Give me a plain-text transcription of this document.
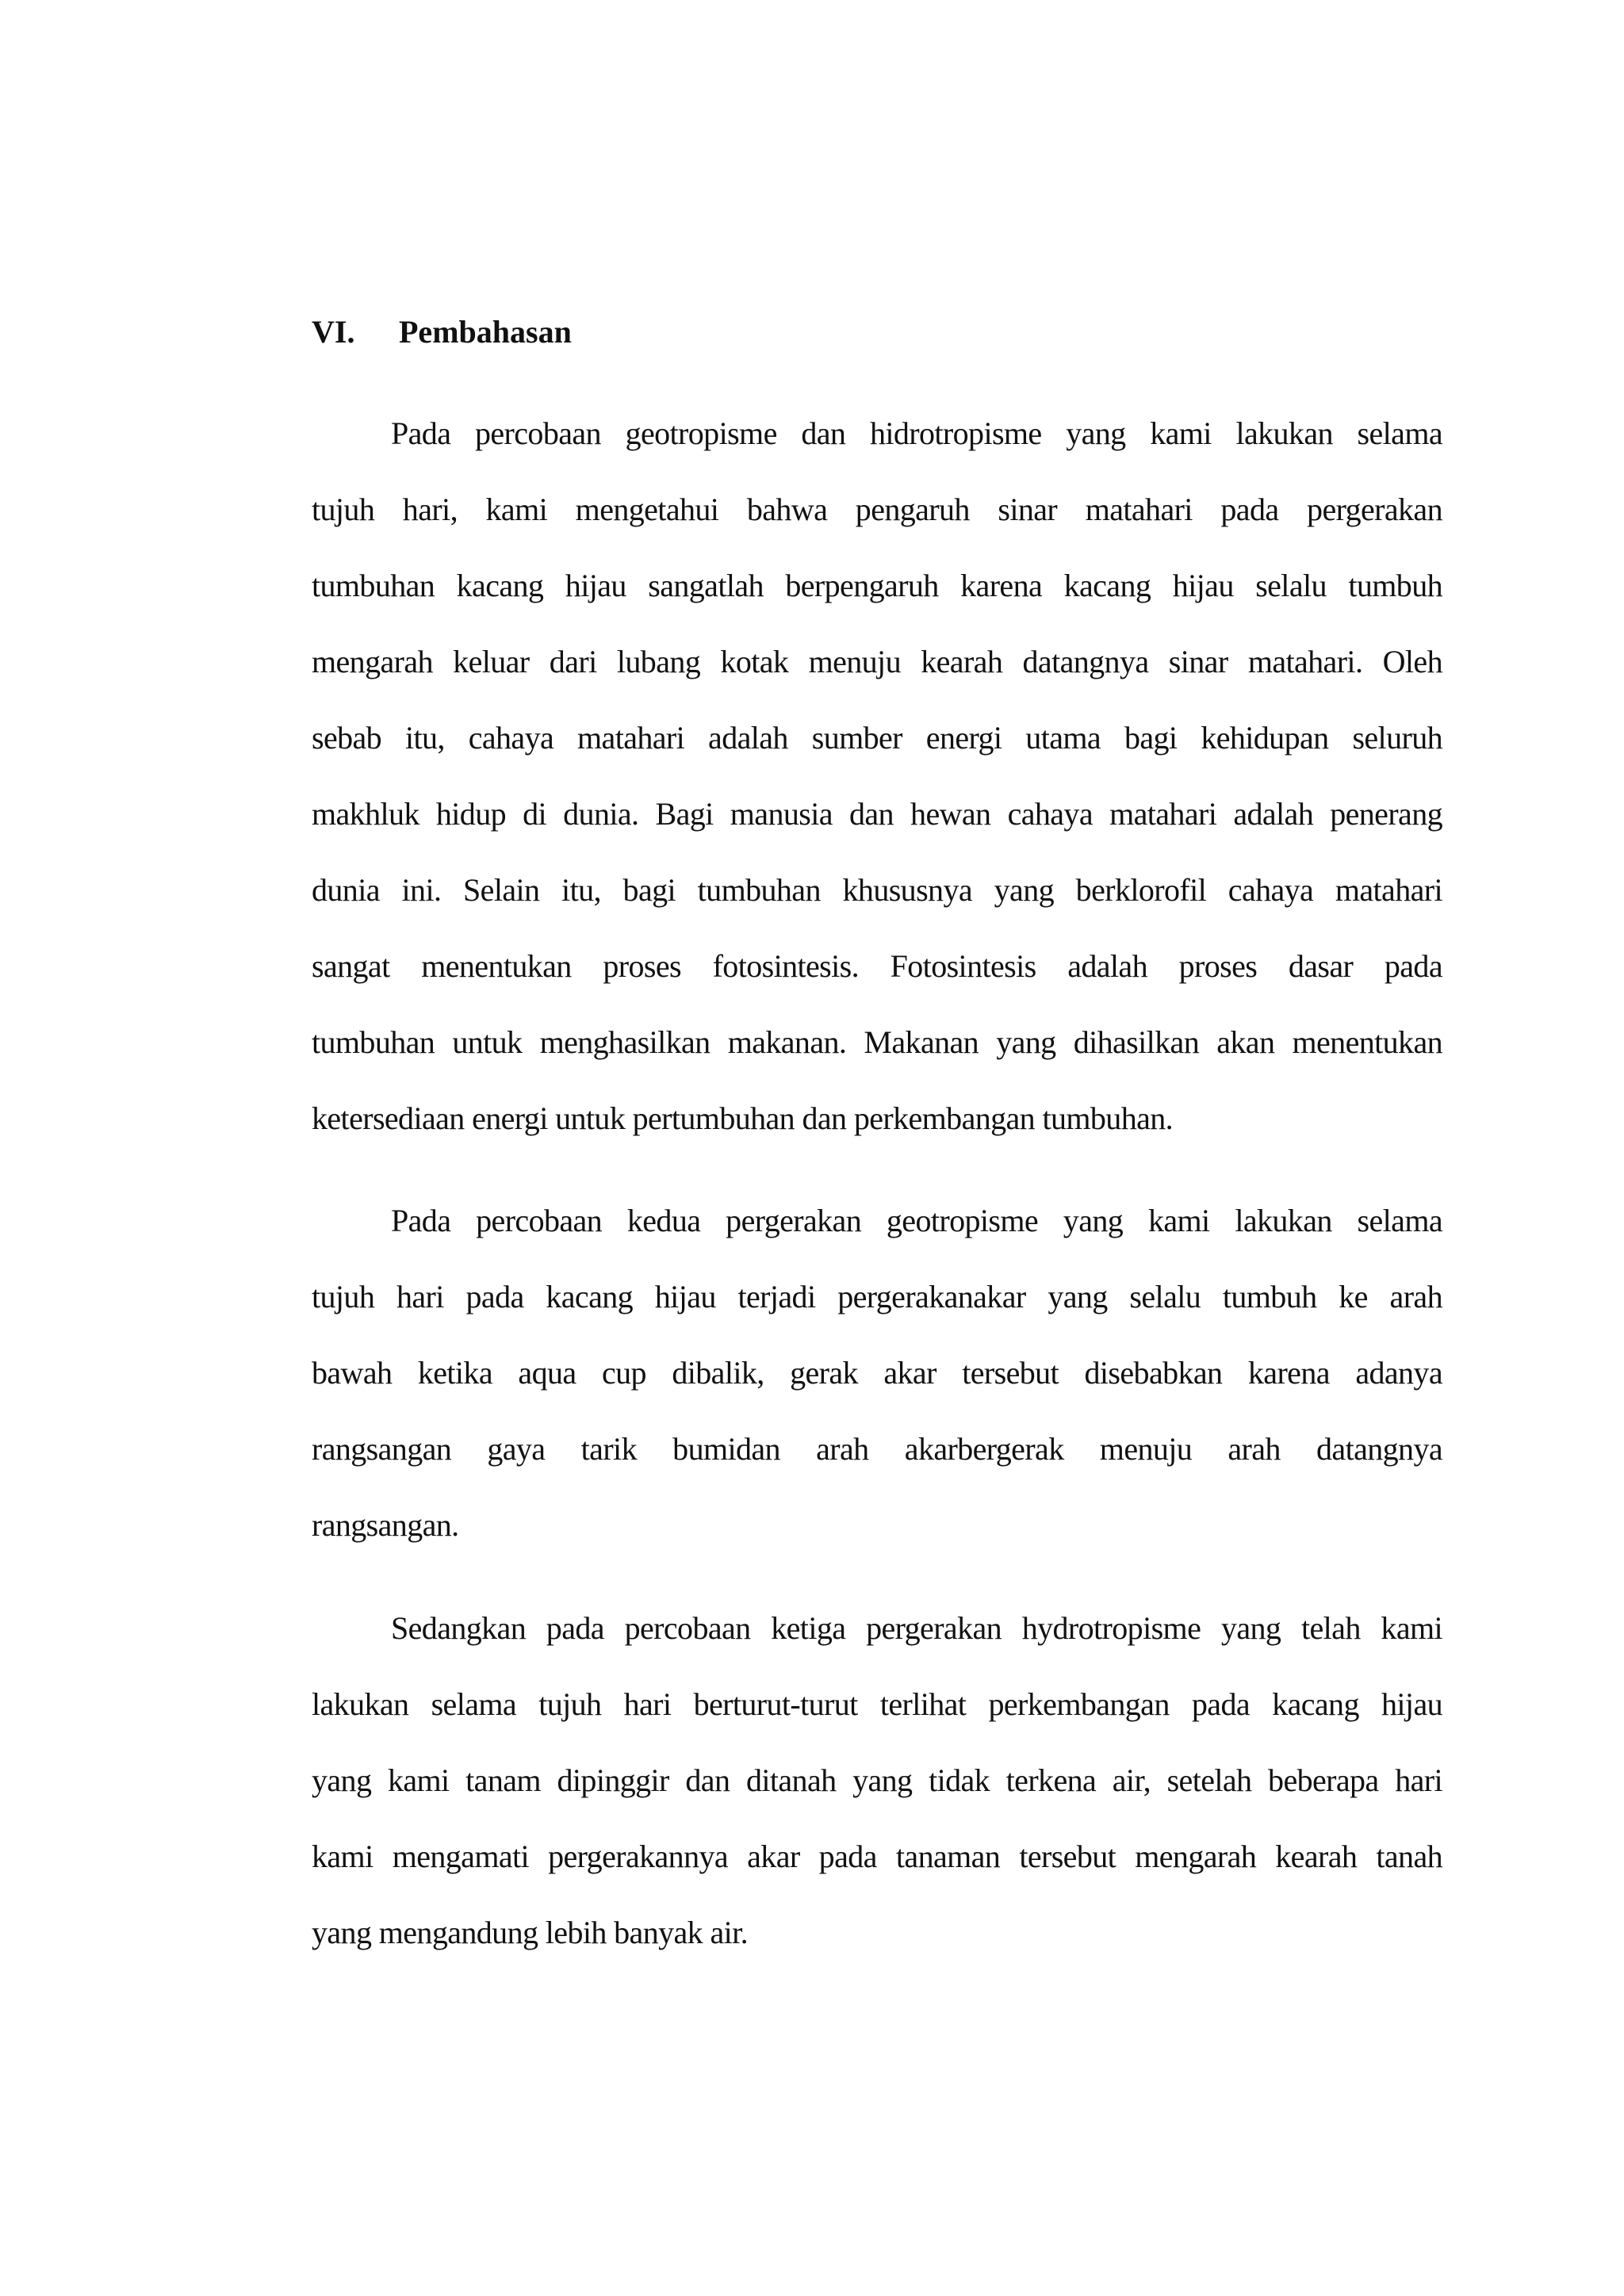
VI. Pembahasan
Pada percobaan geotropisme dan hidrotropisme yang kami lakukan selama
tujuh hari, kami mengetahui bahwa pengaruh sinar matahari pada pergerakan
tumbuhan kacang hijau sangatlah berpengaruh karena kacang hijau selalu tumbuh
mengarah keluar dari lubang kotak menuju kearah datangnya sinar matahari. Oleh
sebab itu, cahaya matahari adalah sumber energi utama bagi kehidupan seluruh
makhluk hidup di dunia. Bagi manusia dan hewan cahaya matahari adalah penerang
dunia ini. Selain itu, bagi tumbuhan khususnya yang berklorofil cahaya matahari
sangat menentukan proses fotosintesis. Fotosintesis adalah proses dasar pada
tumbuhan untuk menghasilkan makanan. Makanan yang dihasilkan akan menentukan
ketersediaan energi untuk pertumbuhan dan perkembangan tumbuhan.
Pada percobaan kedua pergerakan geotropisme yang kami lakukan selama
tujuh hari pada kacang hijau terjadi pergerakanakar yang selalu tumbuh ke arah
bawah ketika aqua cup dibalik, gerak akar tersebut disebabkan karena adanya
rangsangan gaya tarik bumidan arah akarbergerak menuju arah datangnya
rangsangan.
Sedangkan pada percobaan ketiga pergerakan hydrotropisme yang telah kami
lakukan selama tujuh hari berturut-turut terlihat perkembangan pada kacang hijau
yang kami tanam dipinggir dan ditanah yang tidak terkena air, setelah beberapa hari
kami mengamati pergerakannya akar pada tanaman tersebut mengarah kearah tanah
yang mengandung lebih banyak air.
